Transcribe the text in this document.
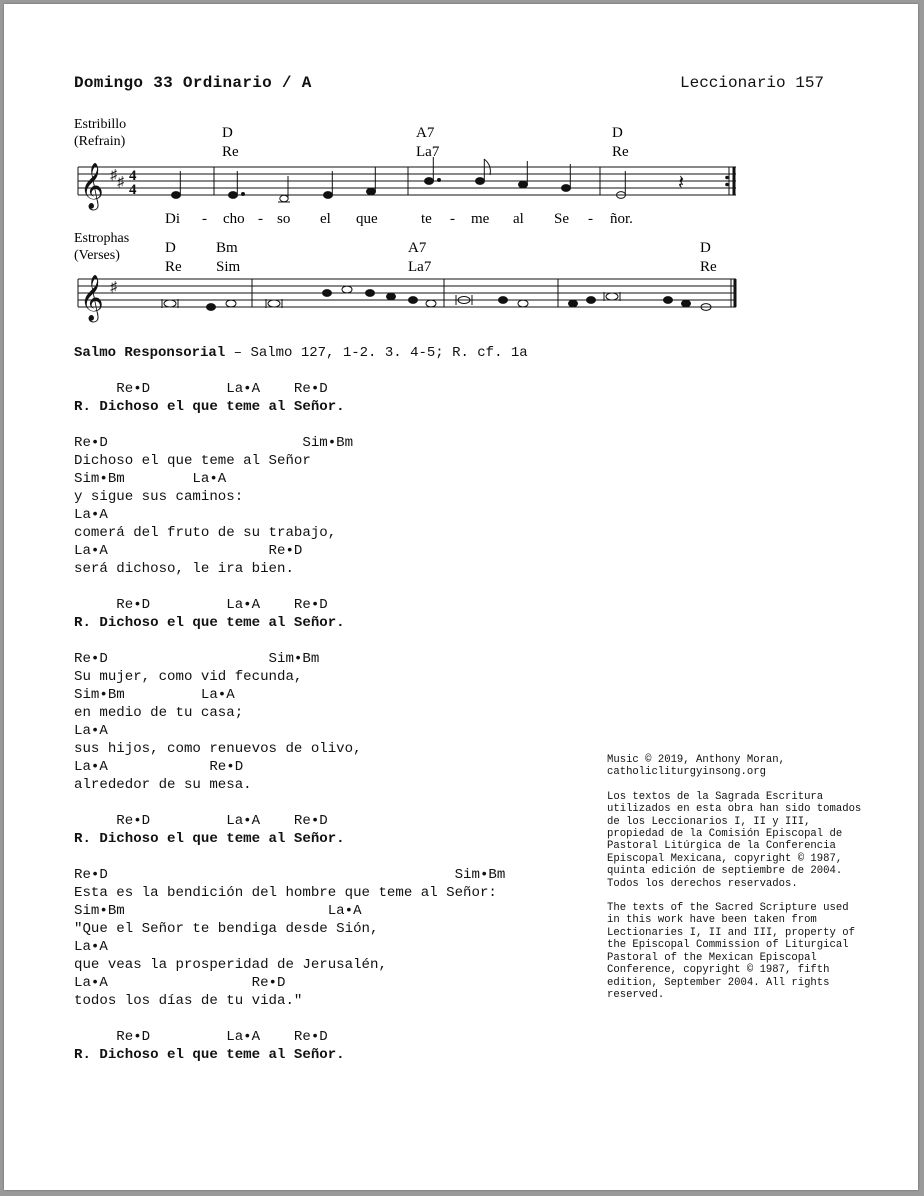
Domingo 33 Ordinario / A	Leccionario 157
Estribillo
(Refrain)
D
Re
A7
La7
D
Re
𝄞 ♯ ♯ 4
4	𝄽
Di - cho - so el que	te - me al Se - ñor.
Estrophas
(Verses)	D
Re
Bm
Sim
A7
La7
D
Re
𝄞 ♯
Salmo Responsorial – Salmo 127, 1-2. 3. 4-5; R. cf. 1a
Re•D         La•A    Re•D
R. Dichoso el que teme al Señor.
Re•D                       Sim•Bm
Dichoso el que teme al Señor
Sim•Bm        La•A
y sigue sus caminos:
La•A
comerá del fruto de su trabajo,
La•A                   Re•D
será dichoso, le ira bien.
Re•D         La•A    Re•D
R. Dichoso el que teme al Señor.
Re•D                   Sim•Bm
Su mujer, como vid fecunda,
Sim•Bm         La•A
en medio de tu casa;
La•A
sus hijos, como renuevos de olivo,
La•A            Re•D
alrededor de su mesa.
Re•D         La•A    Re•D
R. Dichoso el que teme al Señor.
Re•D                                         Sim•Bm
Esta es la bendición del hombre que teme al Señor:
Sim•Bm                        La•A
"Que el Señor te bendiga desde Sión,
La•A
que veas la prosperidad de Jerusalén,
La•A                 Re•D
todos los días de tu vida."
Re•D         La•A    Re•D
R. Dichoso el que teme al Señor.

Music © 2019, Anthony Moran, catholicliturgyinsong.org

Los textos de la Sagrada Escritura utilizados en esta obra han sido tomados de los Leccionarios I, II y III, propiedad de la Comisión Episcopal de Pastoral Litúrgica de la Conferencia Episcopal Mexicana, copyright © 1987, quinta edición de septiembre de 2004. Todos los derechos reservados.

The texts of the Sacred Scripture used in this work have been taken from Lectionaries I, II and III, property of the Episcopal Commission of Liturgical Pastoral of the Mexican Episcopal Conference, copyright © 1987, fifth edition, September 2004. All rights reserved.
